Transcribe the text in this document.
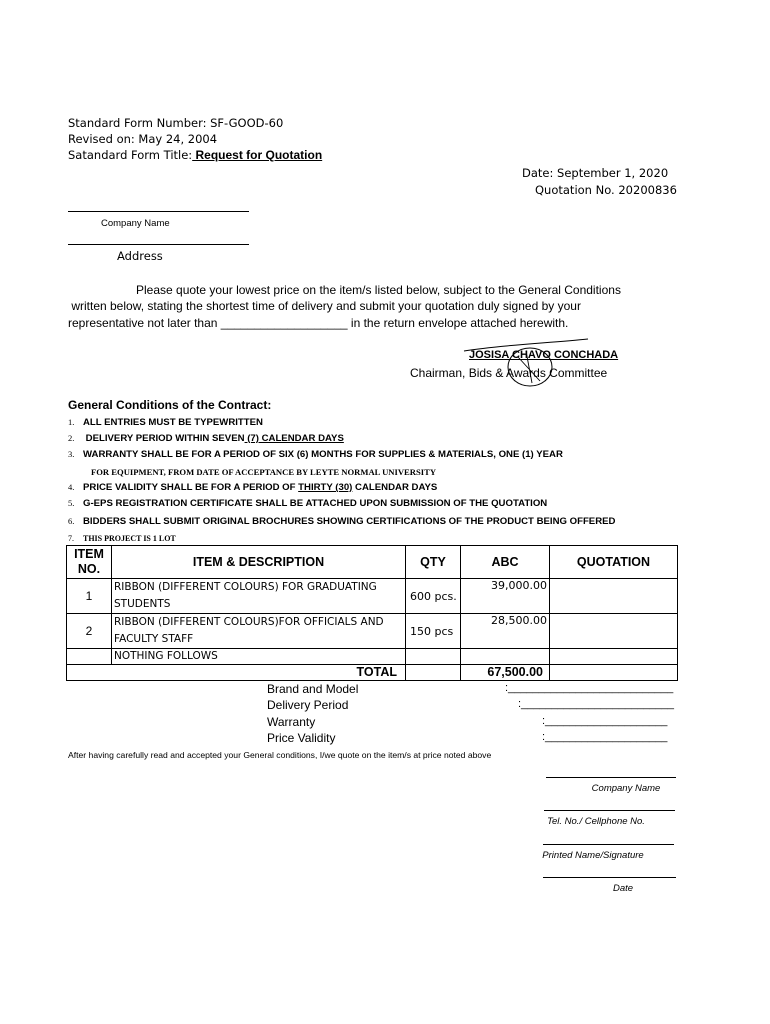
Standard Form Number: SF-GOOD-60
Revised on: May 24, 2004
Satandard Form Title: Request for Quotation
Date: September 1, 2020
Quotation No. 20200836
Company Name
Address
Please quote your lowest price on the item/s listed below, subject to the General Conditions
written below, stating the shortest time of delivery and submit your quotation duly signed by your
representative not later than ___________________ in the return envelope attached herewith.
JOSISA CHAVO CONCHADA
Chairman, Bids & Awards Committee
General Conditions of the Contract:
1. ALL ENTRIES MUST BE TYPEWRITTEN
2. DELIVERY PERIOD WITHIN SEVEN (7) CALENDAR DAYS
3. WARRANTY SHALL BE FOR A PERIOD OF SIX (6) MONTHS FOR SUPPLIES & MATERIALS, ONE (1) YEAR
FOR EQUIPMENT, FROM DATE OF ACCEPTANCE BY LEYTE NORMAL UNIVERSITY
4. PRICE VALIDITY SHALL BE FOR A PERIOD OF THIRTY (30) CALENDAR DAYS
5. G-EPS REGISTRATION CERTIFICATE SHALL BE ATTACHED UPON SUBMISSION OF THE QUOTATION
6. BIDDERS SHALL SUBMIT ORIGINAL BROCHURES SHOWING CERTIFICATIONS OF THE PRODUCT BEING OFFERED
7. THIS PROJECT IS 1 LOT
ITEM NO.	ITEM & DESCRIPTION	QTY	ABC	QUOTATION
1	RIBBON (DIFFERENT COLOURS) FOR GRADUATING STUDENTS	600 pcs.	39,000.00	
2	RIBBON (DIFFERENT COLOURS)FOR OFFICIALS AND FACULTY STAFF	150 pcs	28,500.00	
	NOTHING FOLLOWS			
TOTAL			67,500.00	
Brand and Model	:___________________________
Delivery Period	:_________________________
Warranty	:____________________
Price Validity	:____________________
After having carefully read and accepted your General conditions, I/we quote on the item/s at price noted above
Company Name
Tel. No./ Cellphone No.
Printed Name/Signature
Date
